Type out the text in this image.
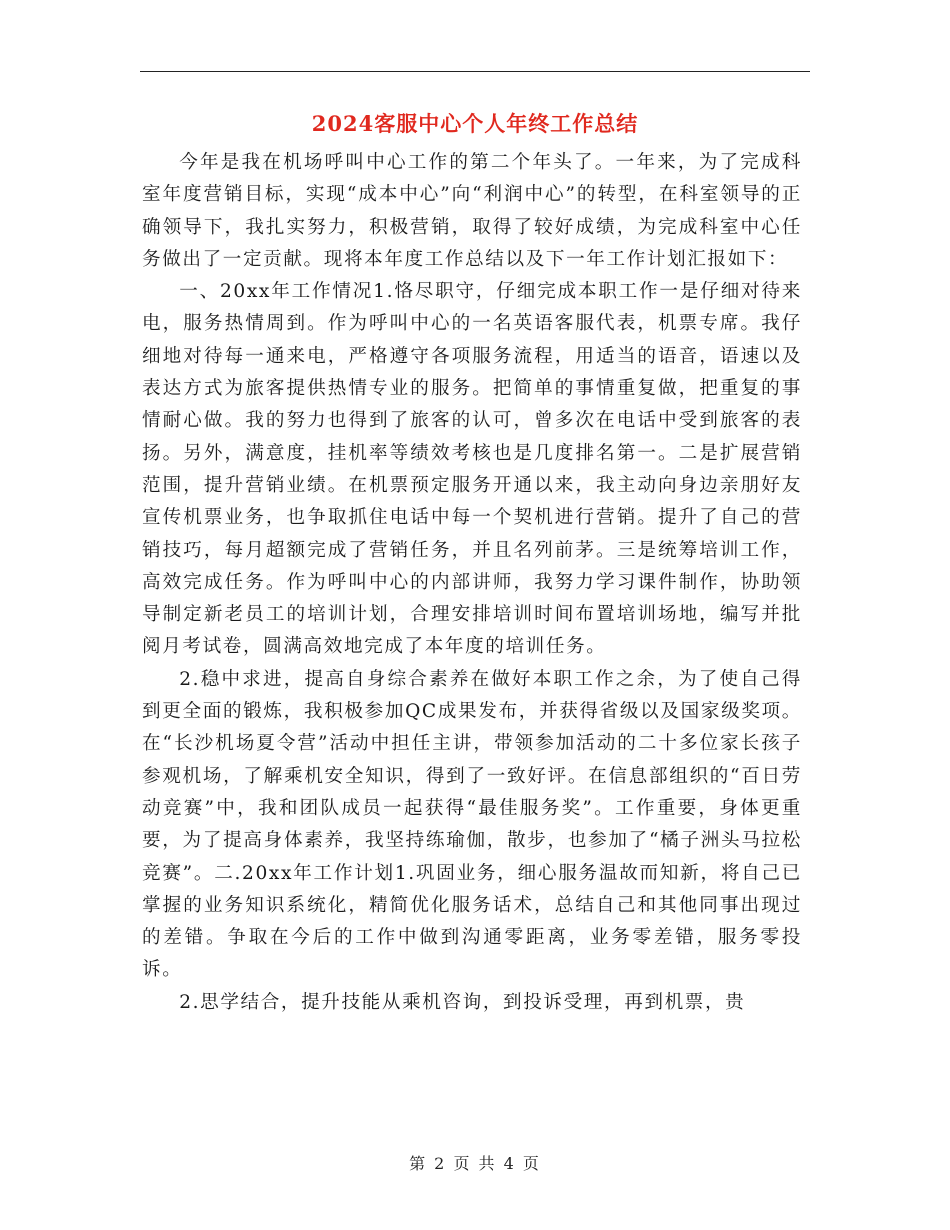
2024客服中心个人年终工作总结

今年是我在机场呼叫中心工作的第二个年头了。一年来，为了完成科室年度营销目标，实现“成本中心”向“利润中心”的转型，在科室领导的正确领导下，我扎实努力，积极营销，取得了较好成绩，为完成科室中心任务做出了一定贡献。现将本年度工作总结以及下一年工作计划汇报如下：

一、20xx年工作情况1.恪尽职守，仔细完成本职工作一是仔细对待来电，服务热情周到。作为呼叫中心的一名英语客服代表，机票专席。我仔细地对待每一通来电，严格遵守各项服务流程，用适当的语音，语速以及表达方式为旅客提供热情专业的服务。把简单的事情重复做，把重复的事情耐心做。我的努力也得到了旅客的认可，曾多次在电话中受到旅客的表扬。另外，满意度，挂机率等绩效考核也是几度排名第一。二是扩展营销范围，提升营销业绩。在机票预定服务开通以来，我主动向身边亲朋好友宣传机票业务，也争取抓住电话中每一个契机进行营销。提升了自己的营销技巧，每月超额完成了营销任务，并且名列前茅。三是统筹培训工作，高效完成任务。作为呼叫中心的内部讲师，我努力学习课件制作，协助领导制定新老员工的培训计划，合理安排培训时间布置培训场地，编写并批阅月考试卷，圆满高效地完成了本年度的培训任务。

2.稳中求进，提高自身综合素养在做好本职工作之余，为了使自己得到更全面的锻炼，我积极参加QC成果发布，并获得省级以及国家级奖项。在“长沙机场夏令营”活动中担任主讲，带领参加活动的二十多位家长孩子参观机场，了解乘机安全知识，得到了一致好评。在信息部组织的“百日劳动竞赛”中，我和团队成员一起获得“最佳服务奖”。工作重要，身体更重要，为了提高身体素养，我坚持练瑜伽，散步，也参加了“橘子洲头马拉松竞赛”。二.20xx年工作计划1.巩固业务，细心服务温故而知新，将自己已掌握的业务知识系统化，精简优化服务话术，总结自己和其他同事出现过的差错。争取在今后的工作中做到沟通零距离，业务零差错，服务零投诉。

2.思学结合，提升技能从乘机咨询，到投诉受理，再到机票，贵

第 2 页 共 4 页
